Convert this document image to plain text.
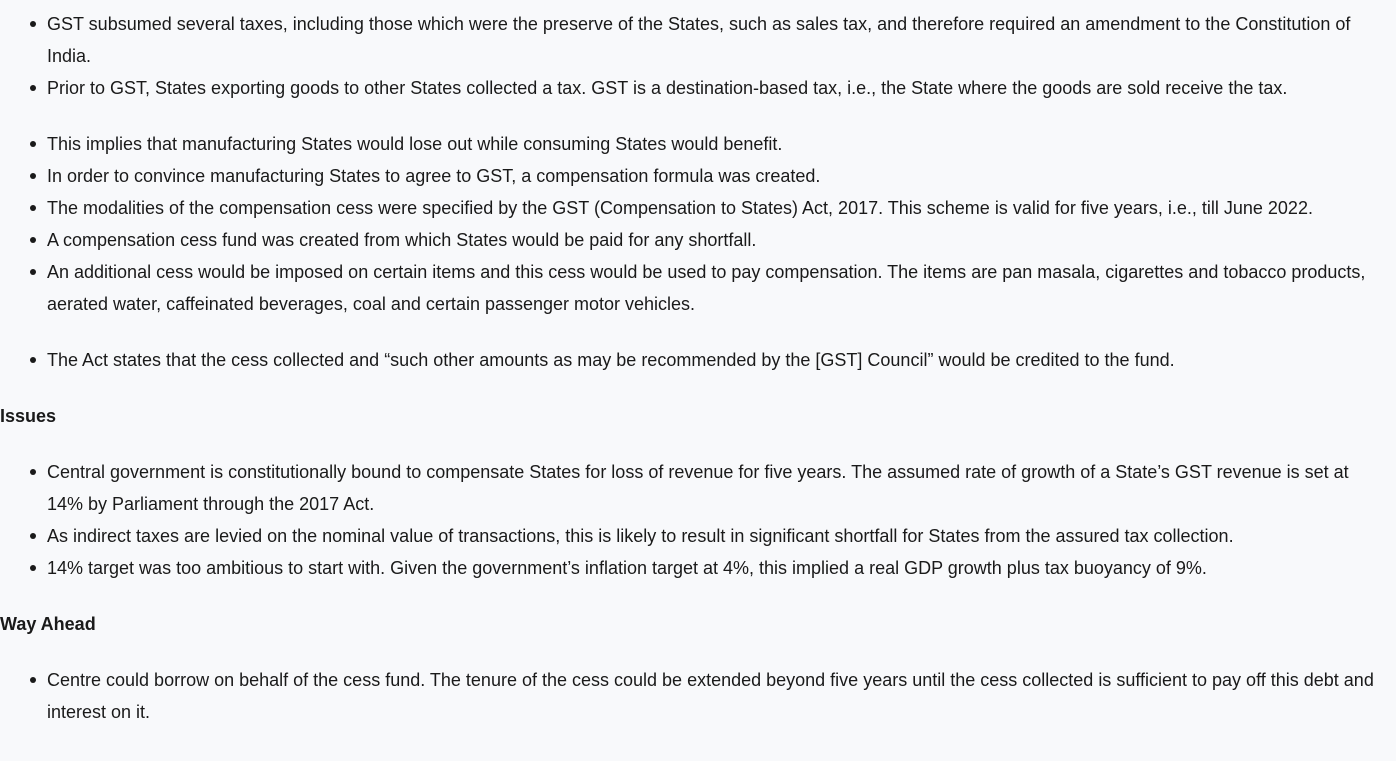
GST subsumed several taxes, including those which were the preserve of the States, such as sales tax, and therefore required an amendment to the Constitution of India.
Prior to GST, States exporting goods to other States collected a tax. GST is a destination-based tax, i.e., the State where the goods are sold receive the tax.
This implies that manufacturing States would lose out while consuming States would benefit.
In order to convince manufacturing States to agree to GST, a compensation formula was created.
The modalities of the compensation cess were specified by the GST (Compensation to States) Act, 2017. This scheme is valid for five years, i.e., till June 2022.
A compensation cess fund was created from which States would be paid for any shortfall.
An additional cess would be imposed on certain items and this cess would be used to pay compensation. The items are pan masala, cigarettes and tobacco products, aerated water, caffeinated beverages, coal and certain passenger motor vehicles.
The Act states that the cess collected and “such other amounts as may be recommended by the [GST] Council” would be credited to the fund.
Issues
Central government is constitutionally bound to compensate States for loss of revenue for five years. The assumed rate of growth of a State’s GST revenue is set at 14% by Parliament through the 2017 Act.
As indirect taxes are levied on the nominal value of transactions, this is likely to result in significant shortfall for States from the assured tax collection.
14% target was too ambitious to start with. Given the government’s inflation target at 4%, this implied a real GDP growth plus tax buoyancy of 9%.
Way Ahead
Centre could borrow on behalf of the cess fund. The tenure of the cess could be extended beyond five years until the cess collected is sufficient to pay off this debt and interest on it.
